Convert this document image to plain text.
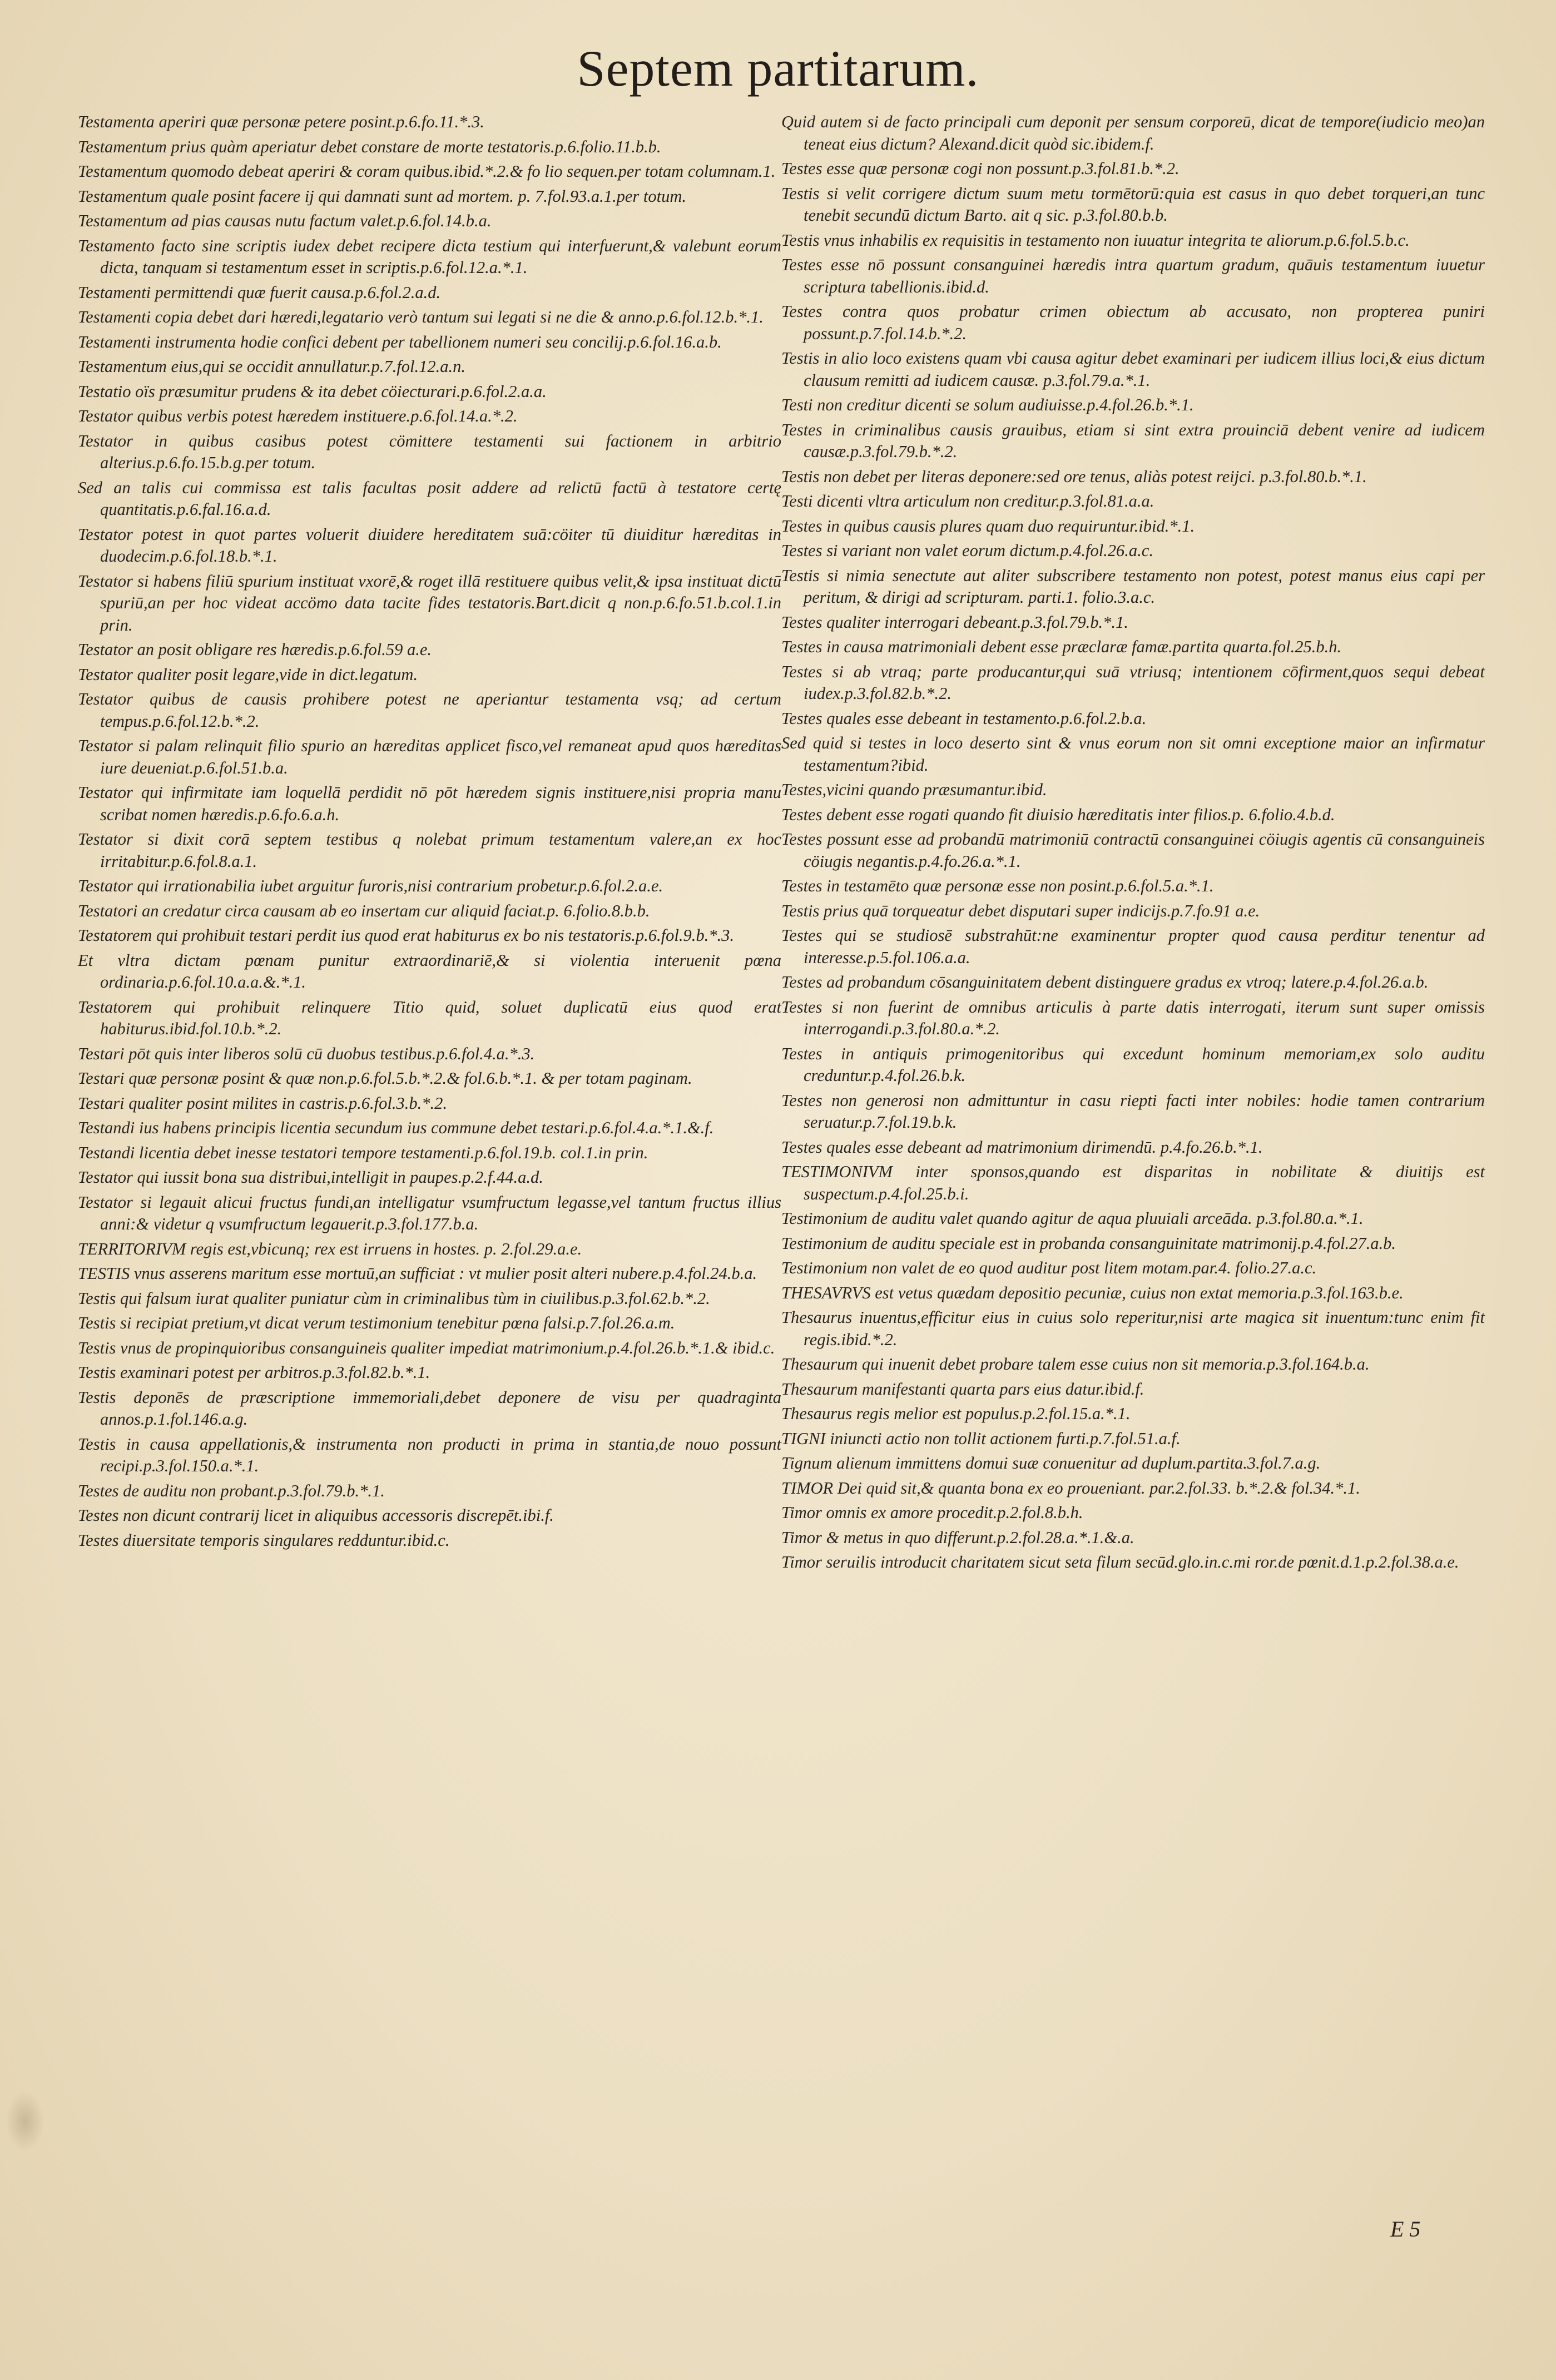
Septem partitarum.

Testamenta aperiri quæ personæ petere posint.p.6.fo.11.*.3.

Testamentum prius quàm aperiatur debet constare de morte testatoris.p.6.folio.11.b.b.

Testamentum quomodo debeat aperiri & coram quibus.ibid.*.2.& fo lio sequen.per totam columnam.1.

Testamentum quale posint facere ij qui damnati sunt ad mortem. p. 7.fol.93.a.1.per totum.

Testamentum ad pias causas nutu factum valet.p.6.fol.14.b.a.

Testamento facto sine scriptis iudex debet recipere dicta testium qui interfuerunt,& valebunt eorum dicta, tanquam si testamentum esset in scriptis.p.6.fol.12.a.*.1.

Testamenti permittendi quæ fuerit causa.p.6.fol.2.a.d.

Testamenti copia debet dari hæredi,legatario verò tantum sui legati si ne die & anno.p.6.fol.12.b.*.1.

Testamenti instrumenta hodie confici debent per tabellionem numeri seu concilij.p.6.fol.16.a.b.

Testamentum eius,qui se occidit annullatur.p.7.fol.12.a.n.

Testatio oïs præsumitur prudens & ita debet cöiecturari.p.6.fol.2.a.a.

Testator quibus verbis potest hæredem instituere.p.6.fol.14.a.*.2.

Testator in quibus casibus potest cömittere testamenti sui factionem in arbitrio alterius.p.6.fo.15.b.g.per totum.

Sed an talis cui commissa est talis facultas posit addere ad relictū factū à testatore certę quantitatis.p.6.fal.16.a.d.

Testator potest in quot partes voluerit diuidere hereditatem suā:cöiter tū diuiditur hæreditas in duodecim.p.6.fol.18.b.*.1.

Testator si habens filiū spurium instituat vxorē,& roget illā restituere quibus velit,& ipsa instituat dictū spuriū,an per hoc videat accömo data tacite fides testatoris.Bart.dicit q non.p.6.fo.51.b.col.1.in prin.

Testator an posit obligare res hæredis.p.6.fol.59 a.e.

Testator qualiter posit legare,vide in dict.legatum.

Testator quibus de causis prohibere potest ne aperiantur testamenta vsq; ad certum tempus.p.6.fol.12.b.*.2.

Testator si palam relinquit filio spurio an hæreditas applicet fisco,vel remaneat apud quos hæreditas iure deueniat.p.6.fol.51.b.a.

Testator qui infirmitate iam loquellā perdidit nō pōt hæredem signis instituere,nisi propria manu scribat nomen hæredis.p.6.fo.6.a.h.

Testator si dixit corā septem testibus q nolebat primum testamentum valere,an ex hoc irritabitur.p.6.fol.8.a.1.

Testator qui irrationabilia iubet arguitur furoris,nisi contrarium probetur.p.6.fol.2.a.e.

Testatori an credatur circa causam ab eo insertam cur aliquid faciat.p. 6.folio.8.b.b.

Testatorem qui prohibuit testari perdit ius quod erat habiturus ex bo nis testatoris.p.6.fol.9.b.*.3.

Et vltra dictam pœnam punitur extraordinariē,& si violentia interuenit pœna ordinaria.p.6.fol.10.a.a.&.*.1.

Testatorem qui prohibuit relinquere Titio quid, soluet duplicatū eius quod erat habiturus.ibid.fol.10.b.*.2.

Testari pōt quis inter liberos solū cū duobus testibus.p.6.fol.4.a.*.3.

Testari quæ personæ posint & quæ non.p.6.fol.5.b.*.2.& fol.6.b.*.1. & per totam paginam.

Testari qualiter posint milites in castris.p.6.fol.3.b.*.2.

Testandi ius habens principis licentia secundum ius commune debet testari.p.6.fol.4.a.*.1.&.f.

Testandi licentia debet inesse testatori tempore testamenti.p.6.fol.19.b. col.1.in prin.

Testator qui iussit bona sua distribui,intelligit in paupes.p.2.f.44.a.d.

Testator si legauit alicui fructus fundi,an intelligatur vsumfructum legasse,vel tantum fructus illius anni:& videtur q vsumfructum legauerit.p.3.fol.177.b.a.

TERRITORIVM regis est,vbicunq; rex est irruens in hostes. p. 2.fol.29.a.e.

TESTIS vnus asserens maritum esse mortuū,an sufficiat : vt mulier posit alteri nubere.p.4.fol.24.b.a.

Testis qui falsum iurat qualiter puniatur cùm in criminalibus tùm in ciuilibus.p.3.fol.62.b.*.2.

Testis si recipiat pretium,vt dicat verum testimonium tenebitur pœna falsi.p.7.fol.26.a.m.

Testis vnus de propinquioribus consanguineis qualiter impediat matrimonium.p.4.fol.26.b.*.1.& ibid.c.

Testis examinari potest per arbitros.p.3.fol.82.b.*.1.

Testis deponēs de præscriptione immemoriali,debet deponere de visu per quadraginta annos.p.1.fol.146.a.g.

Testis in causa appellationis,& instrumenta non producti in prima in stantia,de nouo possunt recipi.p.3.fol.150.a.*.1.

Testes de auditu non probant.p.3.fol.79.b.*.1.

Testes non dicunt contrarij licet in aliquibus accessoris discrepēt.ibi.f.

Testes diuersitate temporis singulares redduntur.ibid.c.

Quid autem si de facto principali cum deponit per sensum corporeū, dicat de tempore(iudicio meo)an teneat eius dictum? Alexand.dicit quòd sic.ibidem.f.

Testes esse quæ personæ cogi non possunt.p.3.fol.81.b.*.2.

Testis si velit corrigere dictum suum metu tormētorū:quia est casus in quo debet torqueri,an tunc tenebit secundū dictum Barto. ait q sic. p.3.fol.80.b.b.

Testis vnus inhabilis ex requisitis in testamento non iuuatur integrita te aliorum.p.6.fol.5.b.c.

Testes esse nō possunt consanguinei hæredis intra quartum gradum, quāuis testamentum iuuetur scriptura tabellionis.ibid.d.

Testes contra quos probatur crimen obiectum ab accusato, non propterea puniri possunt.p.7.fol.14.b.*.2.

Testis in alio loco existens quam vbi causa agitur debet examinari per iudicem illius loci,& eius dictum clausum remitti ad iudicem causæ. p.3.fol.79.a.*.1.

Testi non creditur dicenti se solum audiuisse.p.4.fol.26.b.*.1.

Testes in criminalibus causis grauibus, etiam si sint extra prouinciā debent venire ad iudicem causæ.p.3.fol.79.b.*.2.

Testis non debet per literas deponere:sed ore tenus, aliàs potest reijci. p.3.fol.80.b.*.1.

Testi dicenti vltra articulum non creditur.p.3.fol.81.a.a.

Testes in quibus causis plures quam duo requiruntur.ibid.*.1.

Testes si variant non valet eorum dictum.p.4.fol.26.a.c.

Testis si nimia senectute aut aliter subscribere testamento non potest, potest manus eius capi per peritum, & dirigi ad scripturam. parti.1. folio.3.a.c.

Testes qualiter interrogari debeant.p.3.fol.79.b.*.1.

Testes in causa matrimoniali debent esse præclaræ famæ.partita quarta.fol.25.b.h.

Testes si ab vtraq; parte producantur,qui suā vtriusq; intentionem cōfirment,quos sequi debeat iudex.p.3.fol.82.b.*.2.

Testes quales esse debeant in testamento.p.6.fol.2.b.a.

Sed quid si testes in loco deserto sint & vnus eorum non sit omni exceptione maior an infirmatur testamentum?ibid.

Testes,vicini quando præsumantur.ibid.

Testes debent esse rogati quando fit diuisio hæreditatis inter filios.p. 6.folio.4.b.d.

Testes possunt esse ad probandū matrimoniū contractū consanguinei cöiugis agentis cū consanguineis cöiugis negantis.p.4.fo.26.a.*.1.

Testes in testamēto quæ personæ esse non posint.p.6.fol.5.a.*.1.

Testis prius quā torqueatur debet disputari super indicijs.p.7.fo.91 a.e.

Testes qui se studiosē substrahūt:ne examinentur propter quod causa perditur tenentur ad interesse.p.5.fol.106.a.a.

Testes ad probandum cōsanguinitatem debent distinguere gradus ex vtroq; latere.p.4.fol.26.a.b.

Testes si non fuerint de omnibus articulis à parte datis interrogati, iterum sunt super omissis interrogandi.p.3.fol.80.a.*.2.

Testes in antiquis primogenitoribus qui excedunt hominum memoriam,ex solo auditu creduntur.p.4.fol.26.b.k.

Testes non generosi non admittuntur in casu riepti facti inter nobiles: hodie tamen contrarium seruatur.p.7.fol.19.b.k.

Testes quales esse debeant ad matrimonium dirimendū. p.4.fo.26.b.*.1.

TESTIMONIVM inter sponsos,quando est disparitas in nobilitate & diuitijs est suspectum.p.4.fol.25.b.i.

Testimonium de auditu valet quando agitur de aqua pluuiali arceāda. p.3.fol.80.a.*.1.

Testimonium de auditu speciale est in probanda consanguinitate matrimonij.p.4.fol.27.a.b.

Testimonium non valet de eo quod auditur post litem motam.par.4. folio.27.a.c.

THESAVRVS est vetus quædam depositio pecuniæ, cuius non extat memoria.p.3.fol.163.b.e.

Thesaurus inuentus,efficitur eius in cuius solo reperitur,nisi arte magica sit inuentum:tunc enim fit regis.ibid.*.2.

Thesaurum qui inuenit debet probare talem esse cuius non sit memoria.p.3.fol.164.b.a.

Thesaurum manifestanti quarta pars eius datur.ibid.f.

Thesaurus regis melior est populus.p.2.fol.15.a.*.1.

TIGNI iniuncti actio non tollit actionem furti.p.7.fol.51.a.f.

Tignum alienum immittens domui suæ conuenitur ad duplum.partita.3.fol.7.a.g.

TIMOR Dei quid sit,& quanta bona ex eo proueniant. par.2.fol.33. b.*.2.& fol.34.*.1.

Timor omnis ex amore procedit.p.2.fol.8.b.h.

Timor & metus in quo differunt.p.2.fol.28.a.*.1.&.a.

Timor seruilis introducit charitatem sicut seta filum secūd.glo.in.c.mi ror.de pœnit.d.1.p.2.fol.38.a.e.

E 5
